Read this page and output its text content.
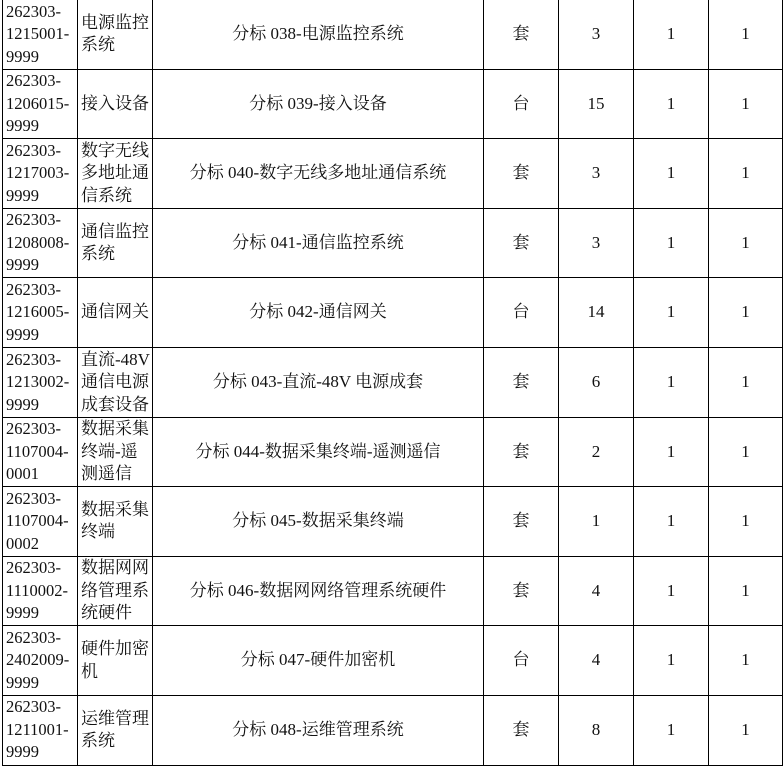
262303-1215001-9999	电源监控系统	分标 038-电源监控系统	套	3	1	1
262303-1206015-9999	接入设备	分标 039-接入设备	台	15	1	1
262303-1217003-9999	数字无线多地址通信系统	分标 040-数字无线多地址通信系统	套	3	1	1
262303-1208008-9999	通信监控系统	分标 041-通信监控系统	套	3	1	1
262303-1216005-9999	通信网关	分标 042-通信网关	台	14	1	1
262303-1213002-9999	直流-48V通信电源成套设备	分标 043-直流-48V 电源成套	套	6	1	1
262303-1107004-0001	数据采集终端-遥测遥信	分标 044-数据采集终端-遥测遥信	套	2	1	1
262303-1107004-0002	数据采集终端	分标 045-数据采集终端	套	1	1	1
262303-1110002-9999	数据网网络管理系统硬件	分标 046-数据网网络管理系统硬件	套	4	1	1
262303-2402009-9999	硬件加密机	分标 047-硬件加密机	台	4	1	1
262303-1211001-9999	运维管理系统	分标 048-运维管理系统	套	8	1	1
